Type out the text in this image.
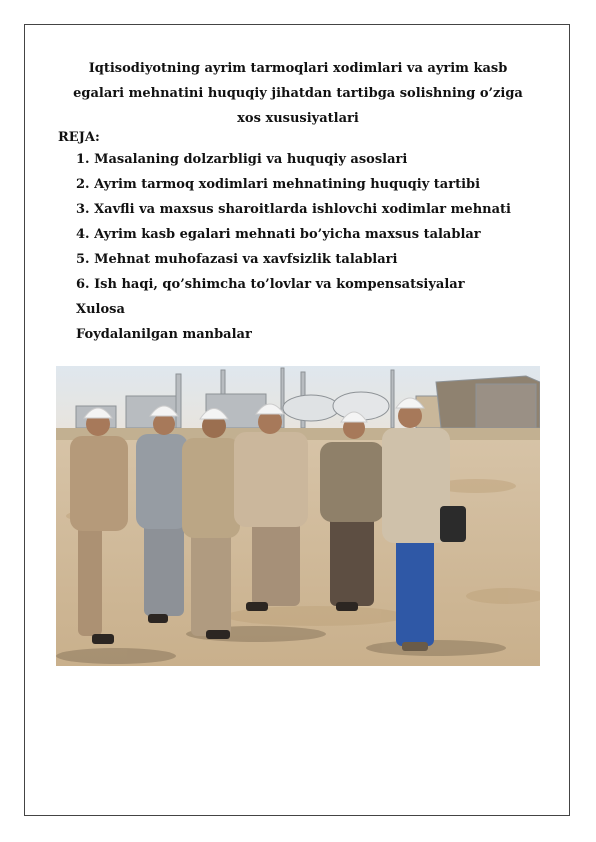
Iqtisodiyotning ayrim tarmoqlari xodimlari va ayrim kasb
egalari mehnatini huquqiy jihatdan tartibga solishning o’ziga
xos xususiyatlari
REJA:
1. Masalaning dolzarbligi va huquqiy asoslari
2. Ayrim tarmoq xodimlari mehnatining huquqiy tartibi
3. Xavfli va maxsus sharoitlarda ishlovchi xodimlar mehnati
4. Ayrim kasb egalari mehnati bo’yicha maxsus talablar
5. Mehnat muhofazasi va xavfsizlik talablari
6. Ish haqi, qo’shimcha to’lovlar va kompensatsiyalar
Xulosa
Foydalanilgan manbalar
